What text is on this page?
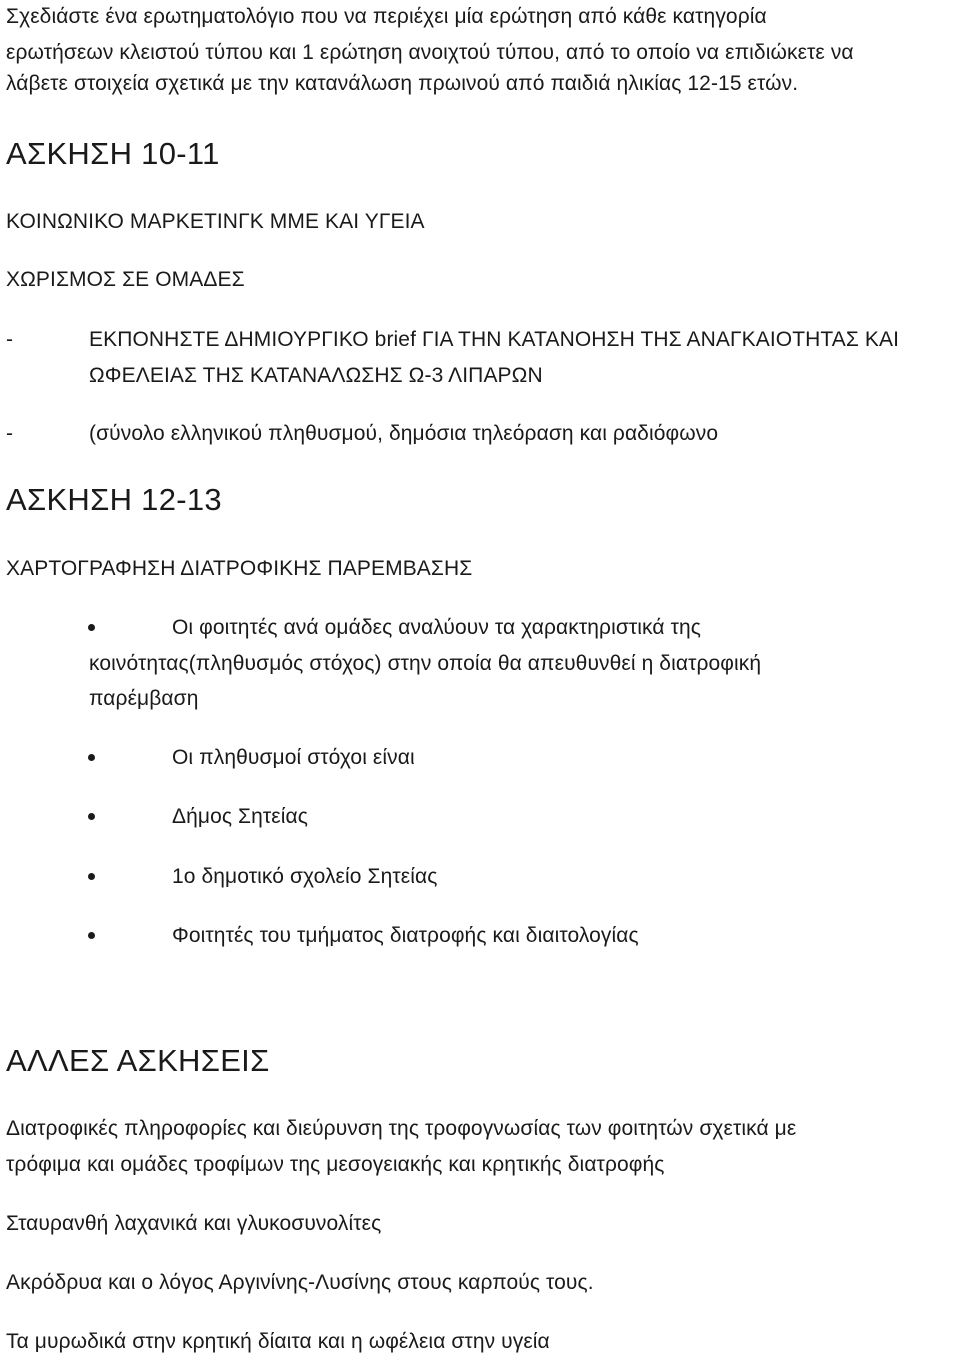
Σχεδιάστε ένα ερωτηματολόγιο που να περιέχει μία ερώτηση από κάθε κατηγορία

ερωτήσεων κλειστού τύπου και 1 ερώτηση ανοιχτού τύπου, από το οποίο να επιδιώκετε να

λάβετε στοιχεία σχετικά με την κατανάλωση πρωινού από παιδιά ηλικίας 12-15 ετών.

ΑΣΚΗΣΗ 10-11

ΚΟΙΝΩΝΙΚΟ ΜΑΡΚΕΤΙΝΓΚ ΜΜΕ ΚΑΙ ΥΓΕΙΑ

ΧΩΡΙΣΜΟΣ ΣΕ ΟΜΑΔΕΣ

-	ΕΚΠΟΝΗΣΤΕ ΔΗΜΙΟΥΡΓΙΚΟ brief ΓΙΑ ΤΗΝ ΚΑΤΑΝΟΗΣΗ ΤΗΣ ΑΝΑΓΚΑΙΟΤΗΤΑΣ ΚΑΙ

ΩΦΕΛΕΙΑΣ ΤΗΣ ΚΑΤΑΝΑΛΩΣΗΣ Ω-3 ΛΙΠΑΡΩΝ

-	(σύνολο ελληνικού πληθυσμού, δημόσια τηλεόραση και ραδιόφωνο

ΑΣΚΗΣΗ 12-13

ΧΑΡΤΟΓΡΑΦΗΣΗ ΔΙΑΤΡΟΦΙΚΗΣ ΠΑΡΕΜΒΑΣΗΣ

Οι φοιτητές ανά ομάδες αναλύουν τα χαρακτηριστικά της

κοινότητας(πληθυσμός στόχος) στην οποία θα απευθυνθεί η διατροφική

παρέμβαση

Οι πληθυσμοί στόχοι είναι

Δήμος Σητείας

1ο δημοτικό σχολείο Σητείας

Φοιτητές του τμήματος διατροφής και διαιτολογίας

ΑΛΛΕΣ ΑΣΚΗΣΕΙΣ

Διατροφικές πληροφορίες και διεύρυνση της τροφογνωσίας των φοιτητών σχετικά με

τρόφιμα και ομάδες τροφίμων της μεσογειακής και κρητικής διατροφής

Σταυρανθή λαχανικά και γλυκοσυνολίτες

Ακρόδρυα και ο λόγος Αργινίνης-Λυσίνης στους καρπούς τους.

Τα μυρωδικά στην κρητική δίαιτα και η ωφέλεια στην υγεία
